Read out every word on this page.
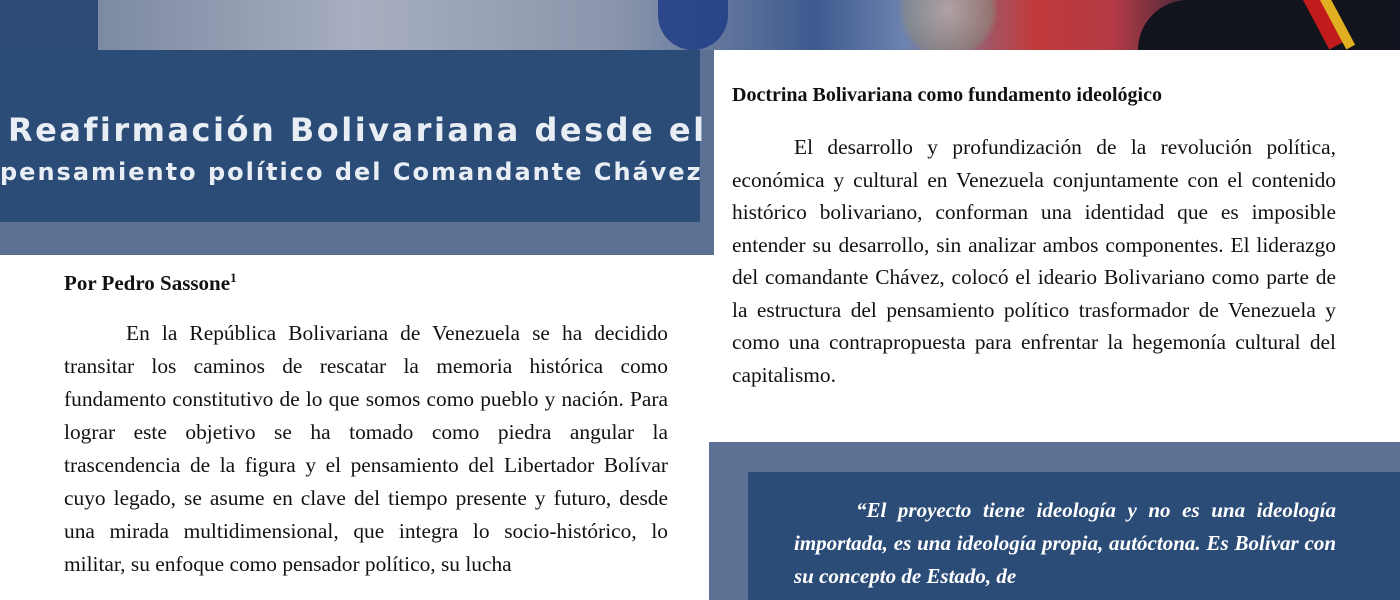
Reafirmación Bolivariana desde el
pensamiento político del Comandante Chávez
Por Pedro Sassone$^1$
En la República Bolivariana de Venezuela se ha decidido transitar los caminos de rescatar la memoria histórica como fundamento constitutivo de lo que somos como pueblo y nación. Para lograr este objetivo se ha tomado como piedra angular la trascendencia de la figura y el pensamiento del Libertador Bolívar cuyo legado, se asume en clave del tiempo presente y futuro, desde una mirada multidimensional, que integra lo socio-histórico, lo militar, su enfoque como pensador político, su lucha
Doctrina Bolivariana como fundamento ideológico
El desarrollo y profundización de la revolución política, económica y cultural en Venezuela conjuntamente con el contenido histórico bolivariano, conforman una identidad que es imposible entender su desarrollo, sin analizar ambos componentes. El liderazgo del comandante Chávez, colocó el ideario Bolivariano como parte de la estructura del pensamiento político trasformador de Venezuela y como una contrapropuesta para enfrentar la hegemonía cultural del capitalismo.
“El proyecto tiene ideología y no es una ideología importada, es una ideología propia, autóctona. Es Bolívar con su concepto de Estado, de
